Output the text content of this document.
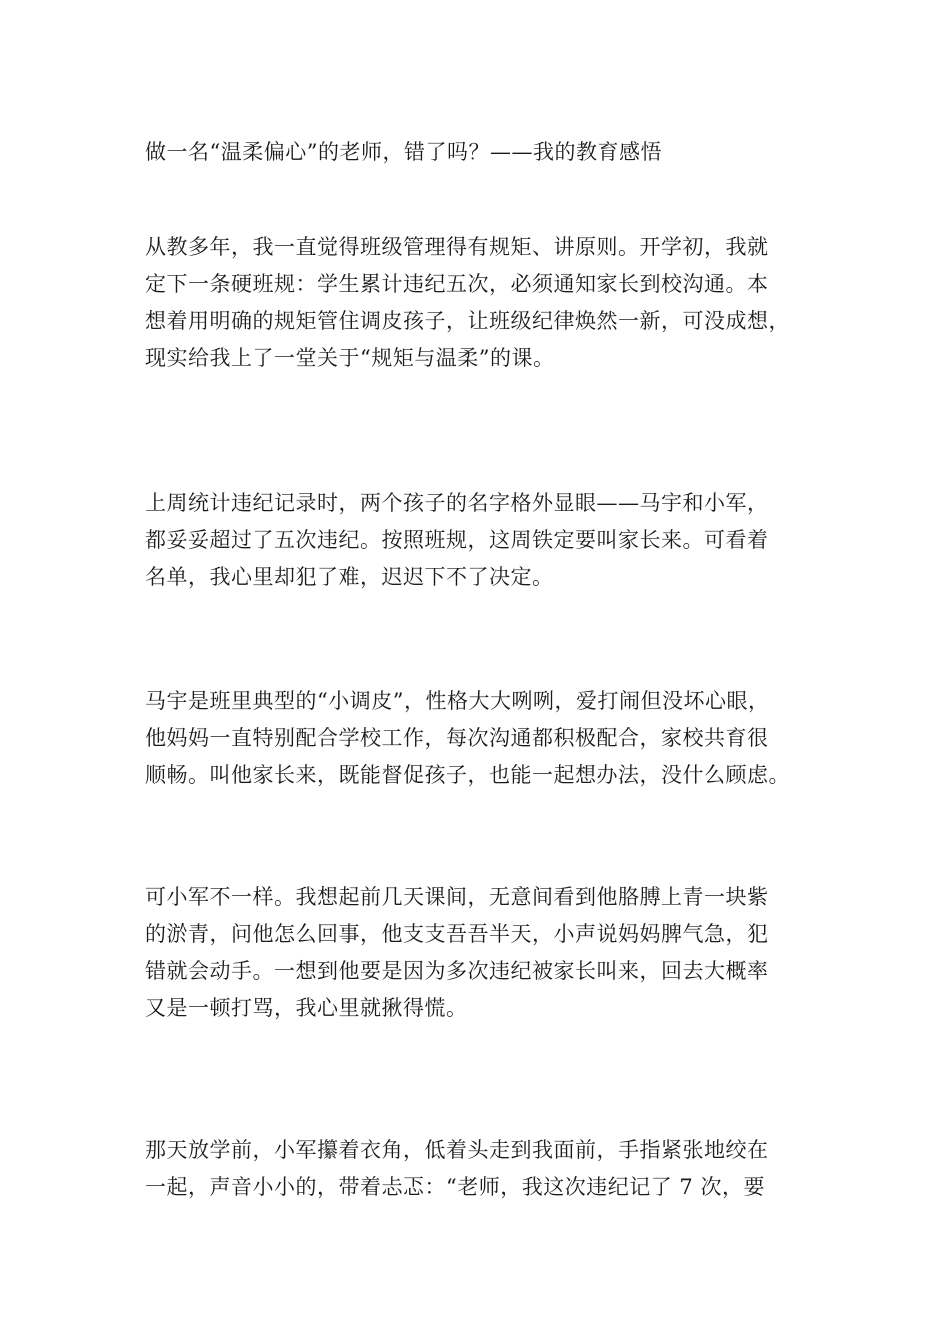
做一名“温柔偏心”的老师，错了吗？——我的教育感悟
从教多年，我一直觉得班级管理得有规矩、讲原则。开学初，我就
定下一条硬班规：学生累计违纪五次，必须通知家长到校沟通。本
想着用明确的规矩管住调皮孩子，让班级纪律焕然一新，可没成想，
现实给我上了一堂关于“规矩与温柔”的课。
上周统计违纪记录时，两个孩子的名字格外显眼——马宇和小军，
都妥妥超过了五次违纪。按照班规，这周铁定要叫家长来。可看着
名单，我心里却犯了难，迟迟下不了决定。
马宇是班里典型的“小调皮”，性格大大咧咧，爱打闹但没坏心眼，
他妈妈一直特别配合学校工作，每次沟通都积极配合，家校共育很
顺畅。叫他家长来，既能督促孩子，也能一起想办法，没什么顾虑。
可小军不一样。我想起前几天课间，无意间看到他胳膊上青一块紫
的淤青，问他怎么回事，他支支吾吾半天，小声说妈妈脾气急，犯
错就会动手。一想到他要是因为多次违纪被家长叫来，回去大概率
又是一顿打骂，我心里就揪得慌。
那天放学前，小军攥着衣角，低着头走到我面前，手指紧张地绞在
一起，声音小小的，带着忐忑：“老师，我这次违纪记了 7 次，要
